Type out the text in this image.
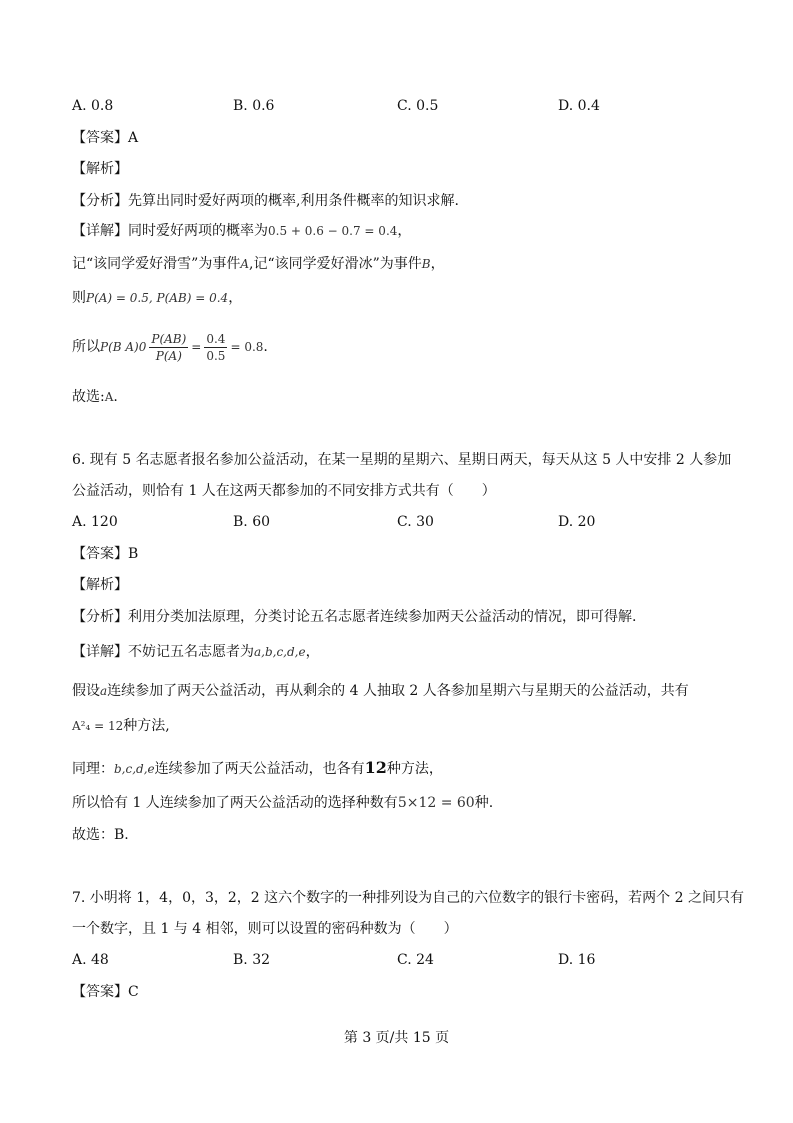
A. 0.8	B. 0.6	C. 0.5	D. 0.4
【答案】A
【解析】
【分析】先算出同时爱好两项的概率,利用条件概率的知识求解.
【详解】同时爱好两项的概率为0.5 + 0.6 − 0.7 = 0.4，
记“该同学爱好滑雪”为事件A,记“该同学爱好滑冰”为事件B，
则P(A) = 0.5, P(AB) = 0.4，
所以P(B $A)0 \frac{P(AB)}{P(A)} = \frac{0.4}{0.5} = 0.8$.
故选:A.
6. 现有 5 名志愿者报名参加公益活动，在某一星期的星期六、星期日两天，每天从这 5 人中安排 2 人参加
公益活动，则恰有 1 人在这两天都参加的不同安排方式共有（　　）
A. 120	B. 60	C. 30	D. 20
【答案】B
【解析】
【分析】利用分类加法原理，分类讨论五名志愿者连续参加两天公益活动的情况，即可得解.
【详解】不妨记五名志愿者为a,b,c,d,e，
假设a连续参加了两天公益活动，再从剩余的 4 人抽取 2 人各参加星期六与星期天的公益活动，共有
A²₄ = 12种方法,
同理：b,c,d,e连续参加了两天公益活动，也各有12种方法，
所以恰有 1 人连续参加了两天公益活动的选择种数有5×12 = 60种.
故选：B.
7. 小明将 1，4，0，3，2，2 这六个数字的一种排列设为自己的六位数字的银行卡密码，若两个 2 之间只有
一个数字，且 1 与 4 相邻，则可以设置的密码种数为（　　）
A. 48	B. 32	C. 24	D. 16
【答案】C
第 3 页/共 15 页
